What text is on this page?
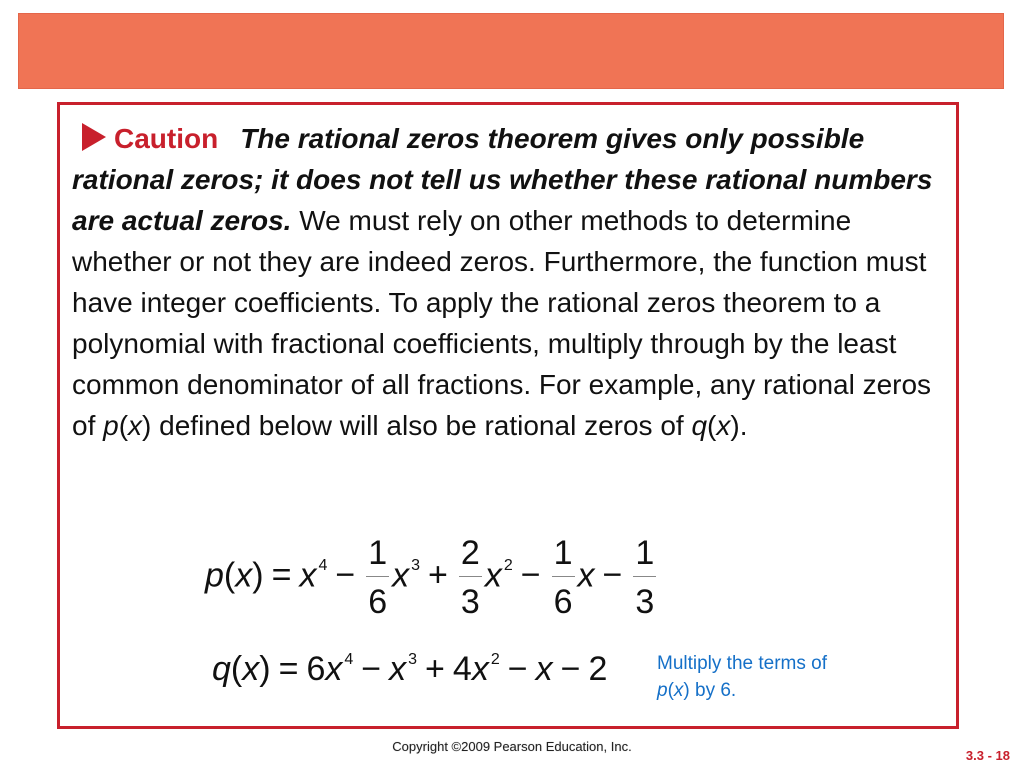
Caution The rational zeros theorem gives only possible rational zeros; it does not tell us whether these rational numbers are actual zeros. We must rely on other methods to determine whether or not they are indeed zeros. Furthermore, the function must have integer coefficients. To apply the rational zeros theorem to a polynomial with fractional coefficients, multiply through by the least common denominator of all fractions. For example, any rational zeros of p(x) defined below will also be rational zeros of q(x).

p(x) = x $^4 - \frac{1}{6}$ x $^3 + \frac{2}{3}$ x $^2 - \frac{1}{6}$ $x - \frac{1}{3}$
q(x) = 6x $^4$ − x $^3$ + 4x $^2$ − x − 2	Multiply the terms of
p(x) by 6.
Copyright ©2009 Pearson Education, Inc.
3.3 - 18
